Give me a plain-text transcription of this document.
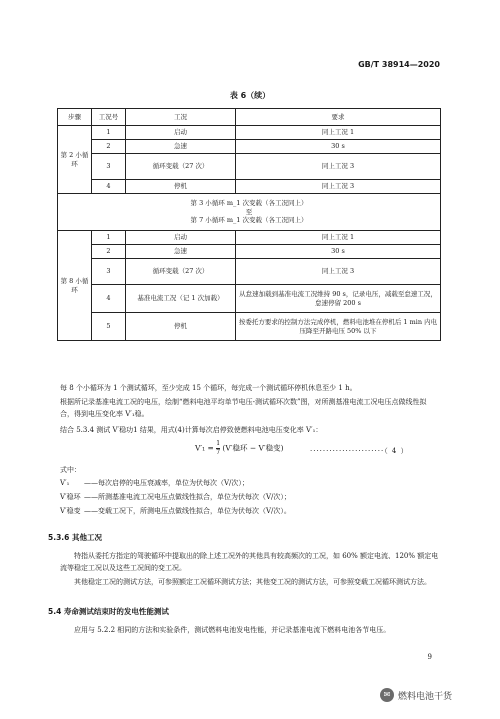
GB/T 38914—2020
表 6（续）
步骤	工况号	工况	要求
第 2 小循环	1	启动	同上工况 1
	2	急速	30 s
	3	循环变载（27 次）	同上工况 3
	4	停机	同上工况 3

第 3 小循环 m_1 次变载（各工况同上）
至
第 7 小循环 m_1 次变载（各工况同上）			

第 8 小循环	1	启动	同上工况 1
	2	急速	30 s
	3	循环变载（27 次）	同上工况 3
	4	基准电流工况（记 1 次加载）	从怠速加载到基准电流工况维持 90 s，记录电压，减载至怠速工况，怠速停留 200 s
	5	停机	按委托方要求的控制方法完成停机，燃料电池堆在停机后 1 min 内电压降至开路电压 50% 以下
每 8 个小循环为 1 个测试循环，至少完成 15 个循环，每完成一个测试循环停机休息至少 1 h。
根据所记录基准电流工况的电压，绘制“燃料电池平均单节电压-测试循环次数”图，对所测基准电流工况电压点做线性拟合，得到电压变化率 V′₁稳。
结合 5.3.4 测试 V′稳功1 结果，用式(4)计算每次启停致使燃料电池电压变化率 V′₁：
$V'_1 = \frac{1}{7} (V'$稳环 − V′稳变)	·······················（ 4 ）
式中：
V′₁ ——每次启停的电压衰减率，单位为伏每次（V/次）；
V′稳环 ——所测基准电流工况电压点做线性拟合，单位为伏每次（V/次）；
V′稳变 ——变载工况下，所测电压点做线性拟合，单位为伏每次（V/次）。
5.3.6 其他工况
特指从委托方指定的驾驶循环中提取出的除上述工况外的其他具有较高频次的工况，如 60% 额定电流、120% 额定电流等稳定工况以及这些工况间的变工况。
其他稳定工况的测试方法，可参照额定工况循环测试方法；其他变工况的测试方法，可参照变载工况循环测试方法。
5.4 寿命测试结束时的发电性能测试
应用与 5.2.2 相同的方法和实验条件，测试燃料电池发电性能，并记录基准电流下燃料电池各节电压。
9
✉ 燃料电池干货
